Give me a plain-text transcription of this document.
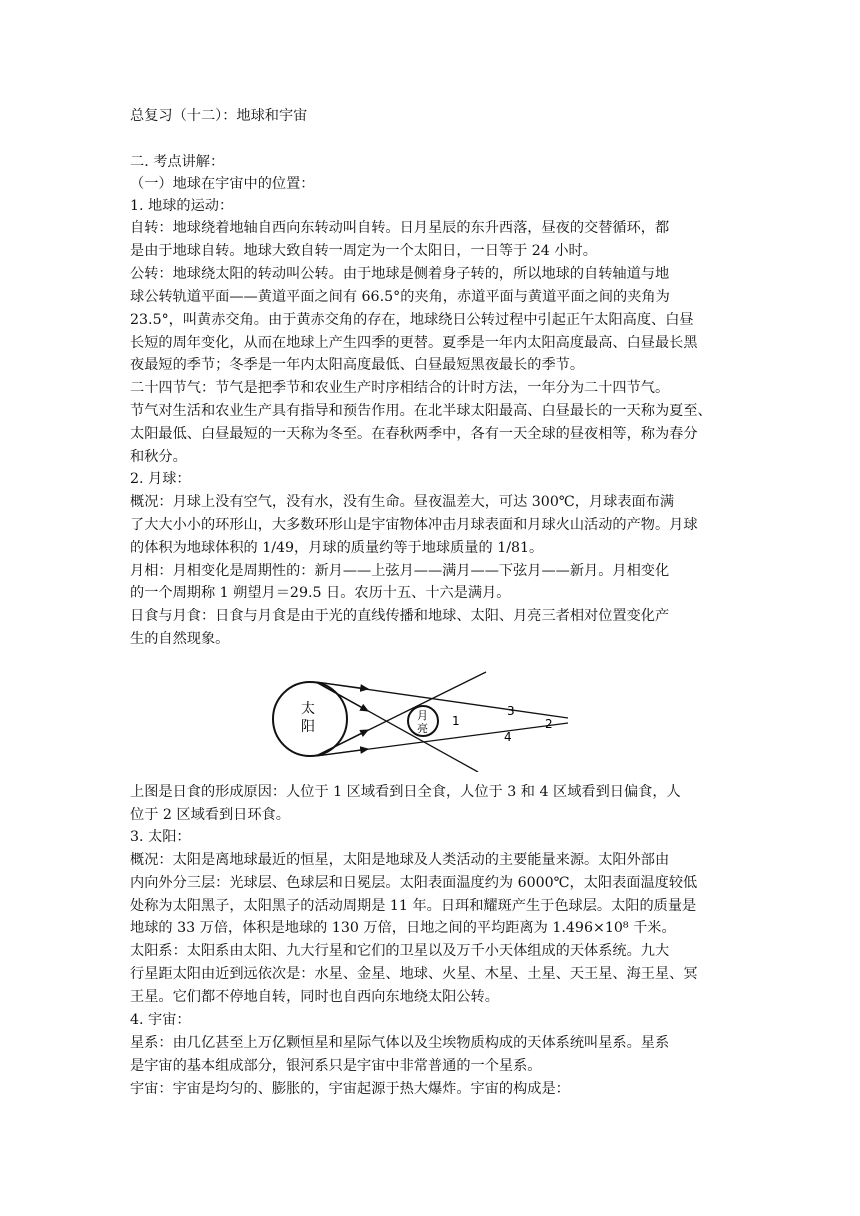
总复习（十二）：地球和宇宙
二. 考点讲解：
（一）地球在宇宙中的位置：
1. 地球的运动：
自转：地球绕着地轴自西向东转动叫自转。日月星辰的东升西落，昼夜的交替循环，都
是由于地球自转。地球大致自转一周定为一个太阳日，一日等于 24 小时。
公转：地球绕太阳的转动叫公转。由于地球是侧着身子转的，所以地球的自转轴道与地
球公转轨道平面——黄道平面之间有 66.5°的夹角，赤道平面与黄道平面之间的夹角为
23.5°，叫黄赤交角。由于黄赤交角的存在，地球绕日公转过程中引起正午太阳高度、白昼
长短的周年变化，从而在地球上产生四季的更替。夏季是一年内太阳高度最高、白昼最长黑
夜最短的季节；冬季是一年内太阳高度最低、白昼最短黑夜最长的季节。
二十四节气：节气是把季节和农业生产时序相结合的计时方法，一年分为二十四节气。
节气对生活和农业生产具有指导和预告作用。在北半球太阳最高、白昼最长的一天称为夏至、
太阳最低、白昼最短的一天称为冬至。在春秋两季中，各有一天全球的昼夜相等，称为春分
和秋分。
2. 月球：
概况：月球上没有空气，没有水，没有生命。昼夜温差大，可达 300℃，月球表面布满
了大大小小的环形山，大多数环形山是宇宙物体冲击月球表面和月球火山活动的产物。月球
的体积为地球体积的 1/49，月球的质量约等于地球质量的 1/81。
月相：月相变化是周期性的：新月——上弦月——满月——下弦月——新月。月相变化
的一个周期称 1 朔望月＝29.5 日。农历十五、十六是满月。
日食与月食：日食与月食是由于光的直线传播和地球、太阳、月亮三者相对位置变化产
生的自然现象。
太
阳
月
亮
1	2
3
4
上图是日食的形成原因：人位于 1 区域看到日全食，人位于 3 和 4 区域看到日偏食，人
位于 2 区域看到日环食。
3. 太阳：
概况：太阳是离地球最近的恒星，太阳是地球及人类活动的主要能量来源。太阳外部由
内向外分三层：光球层、色球层和日冕层。太阳表面温度约为 6000℃，太阳表面温度较低
处称为太阳黑子，太阳黑子的活动周期是 11 年。日珥和耀斑产生于色球层。太阳的质量是
地球的 33 万倍，体积是地球的 130 万倍，日地之间的平均距离为 1.496×10⁸ 千米。
太阳系：太阳系由太阳、九大行星和它们的卫星以及万千小天体组成的天体系统。九大
行星距太阳由近到远依次是：水星、金星、地球、火星、木星、土星、天王星、海王星、冥
王星。它们都不停地自转，同时也自西向东地绕太阳公转。
4. 宇宙：
星系：由几亿甚至上万亿颗恒星和星际气体以及尘埃物质构成的天体系统叫星系。星系
是宇宙的基本组成部分，银河系只是宇宙中非常普通的一个星系。
宇宙：宇宙是均匀的、膨胀的，宇宙起源于热大爆炸。宇宙的构成是：
